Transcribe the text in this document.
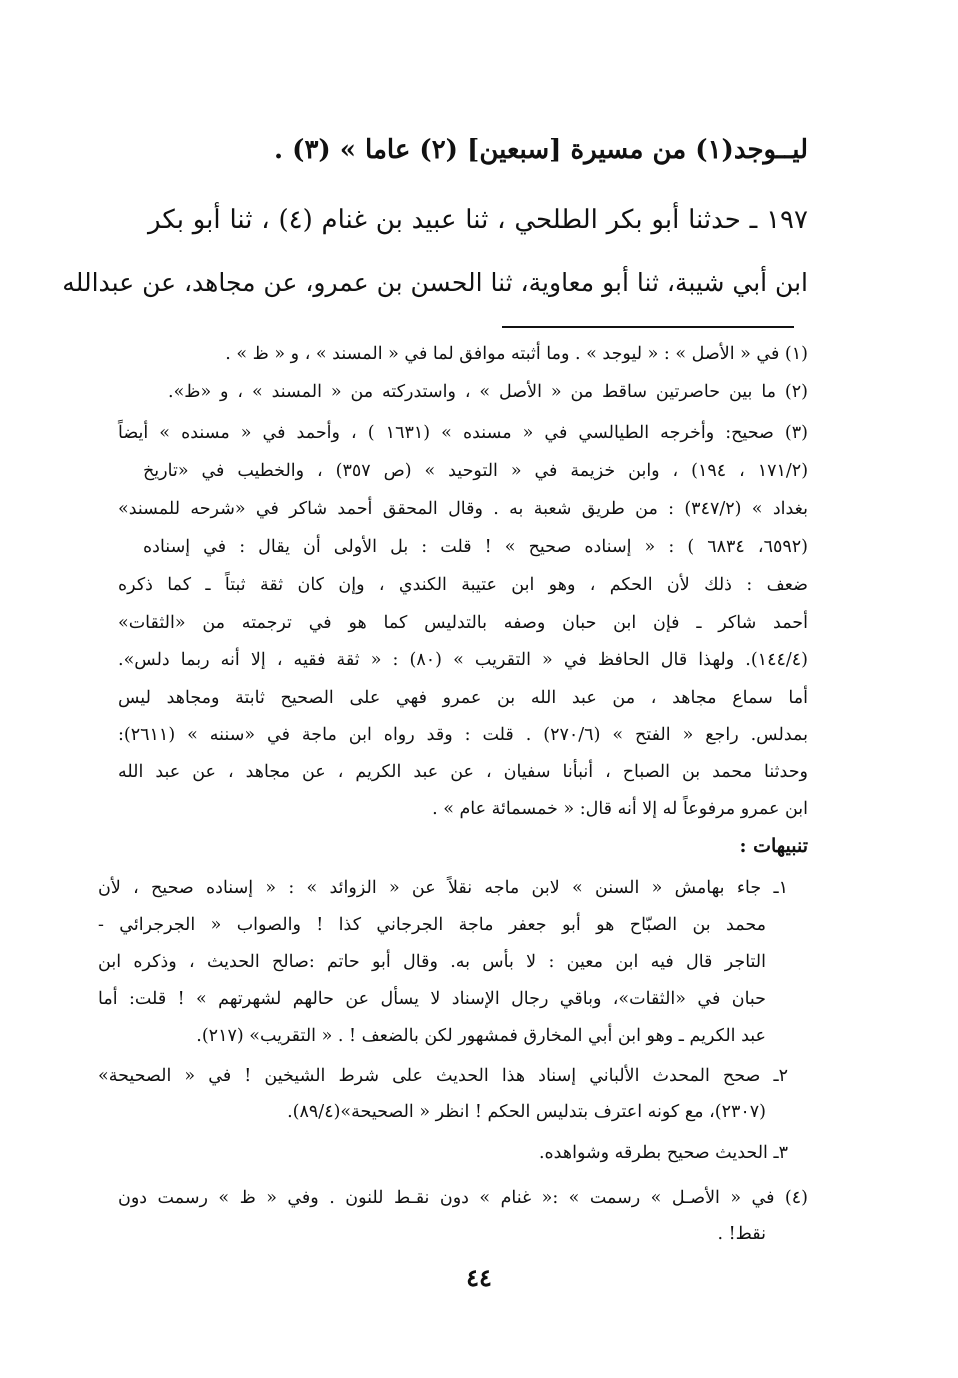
ليــوجد(١) من مسيرة [سبعين] (٢) عاما » (٣) .
١٩٧ ـ حدثنا أبو بكر الطلحي ، ثنا عبيد بن غنام (٤) ، ثنا أبو بكر
ابن أبي شيبة، ثنا أبو معاوية، ثنا الحسن بن عمرو، عن مجاهد، عن عبدالله
(١) في « الأصل » : « ليوجد » . وما أثبته موافق لما في « المسند » ، و « ظ » .
(٢) ما بين حاصرتين ساقط من « الأصل » ، واستدركته من « المسند » ، و «ظ».
(٣) صحيح: وأخرجه الطيالسي في « مسنده » (١٦٣١ ) ، وأحمد في « مسنده » أيضاً
(١٧١/٢ ، ١٩٤) ، وابن خزيمة في « التوحيد » (ص ٣٥٧) ، والخطيب في «تاريخ
بغداد » (٣٤٧/٢) : من طريق شعبة به . وقال المحقق أحمد شاكر في «شرحه للمسند»
(٦٥٩٢، ٦٨٣٤ ) : « إسناده صحيح » ! قلت : بل الأولى أن يقال : في إسناده
ضعف : ذلك لأن الحكم ، وهو ابن عتيبة الكندي ، وإن كان ثقة ثبتاً ـ كما ذكره
أحمد شاكر ـ فإن ابن حبان وصفه بالتدليس كما هو في ترجمته من «الثقات»
(١٤٤/٤). ولهذا قال الحافظ في « التقريب » (٨٠) : « ثقة فقيه ، إلا أنه ربما دلس».
أما سماع مجاهد ، من عبد الله بن عمرو فهي على الصحيح ثابتة ومجاهد ليس
بمدلس. راجع « الفتح » (٢٧٠/٦) . قلت : وقد رواه ابن ماجة في «سننه » (٢٦١١):
وحدثنا محمد بن الصباح ، أنبأنا سفيان ، عن عبد الكريم ، عن مجاهد ، عن عبد الله
ابن عمرو مرفوعاً له إلا أنه قال: « خمسمائة عام » .
تنبيهات :
١ـ جاء بهامش « السنن » لابن ماجه نقلاً عن « الزوائد » : « إسناده صحيح ، لأن
محمد بن الصبّاح هو أبو جعفر ماجة الجرجاني كذا ! والصواب « الجرجرائي -
التاجر قال فيه ابن معين : لا بأس به. وقال أبو حاتم :صالح الحديث ، وذكره ابن
حبان في «الثقات»، وباقي رجال الإسناد لا يسأل عن حالهم لشهرتهم » ! قلت: أما
عبد الكريم ـ وهو ابن أبي المخارق فمشهور لكن بالضعف ! . « التقريب» (٢١٧).
٢ـ صحح المحدث الألباني إسناد هذا الحديث على شرط الشيخين ! في « الصحيحة»
(٢٣٠٧)، مع كونه اعترف بتدليس الحكم ! انظر « الصحيحة»(٨٩/٤).
٣ـ الحديث صحيح بطرقه وشواهده.
(٤) في « الأصـل » رسمت » :« غنام » دون نقـط للنون . وفي « ظ » رسمت دون
نقط! .
٤٤
